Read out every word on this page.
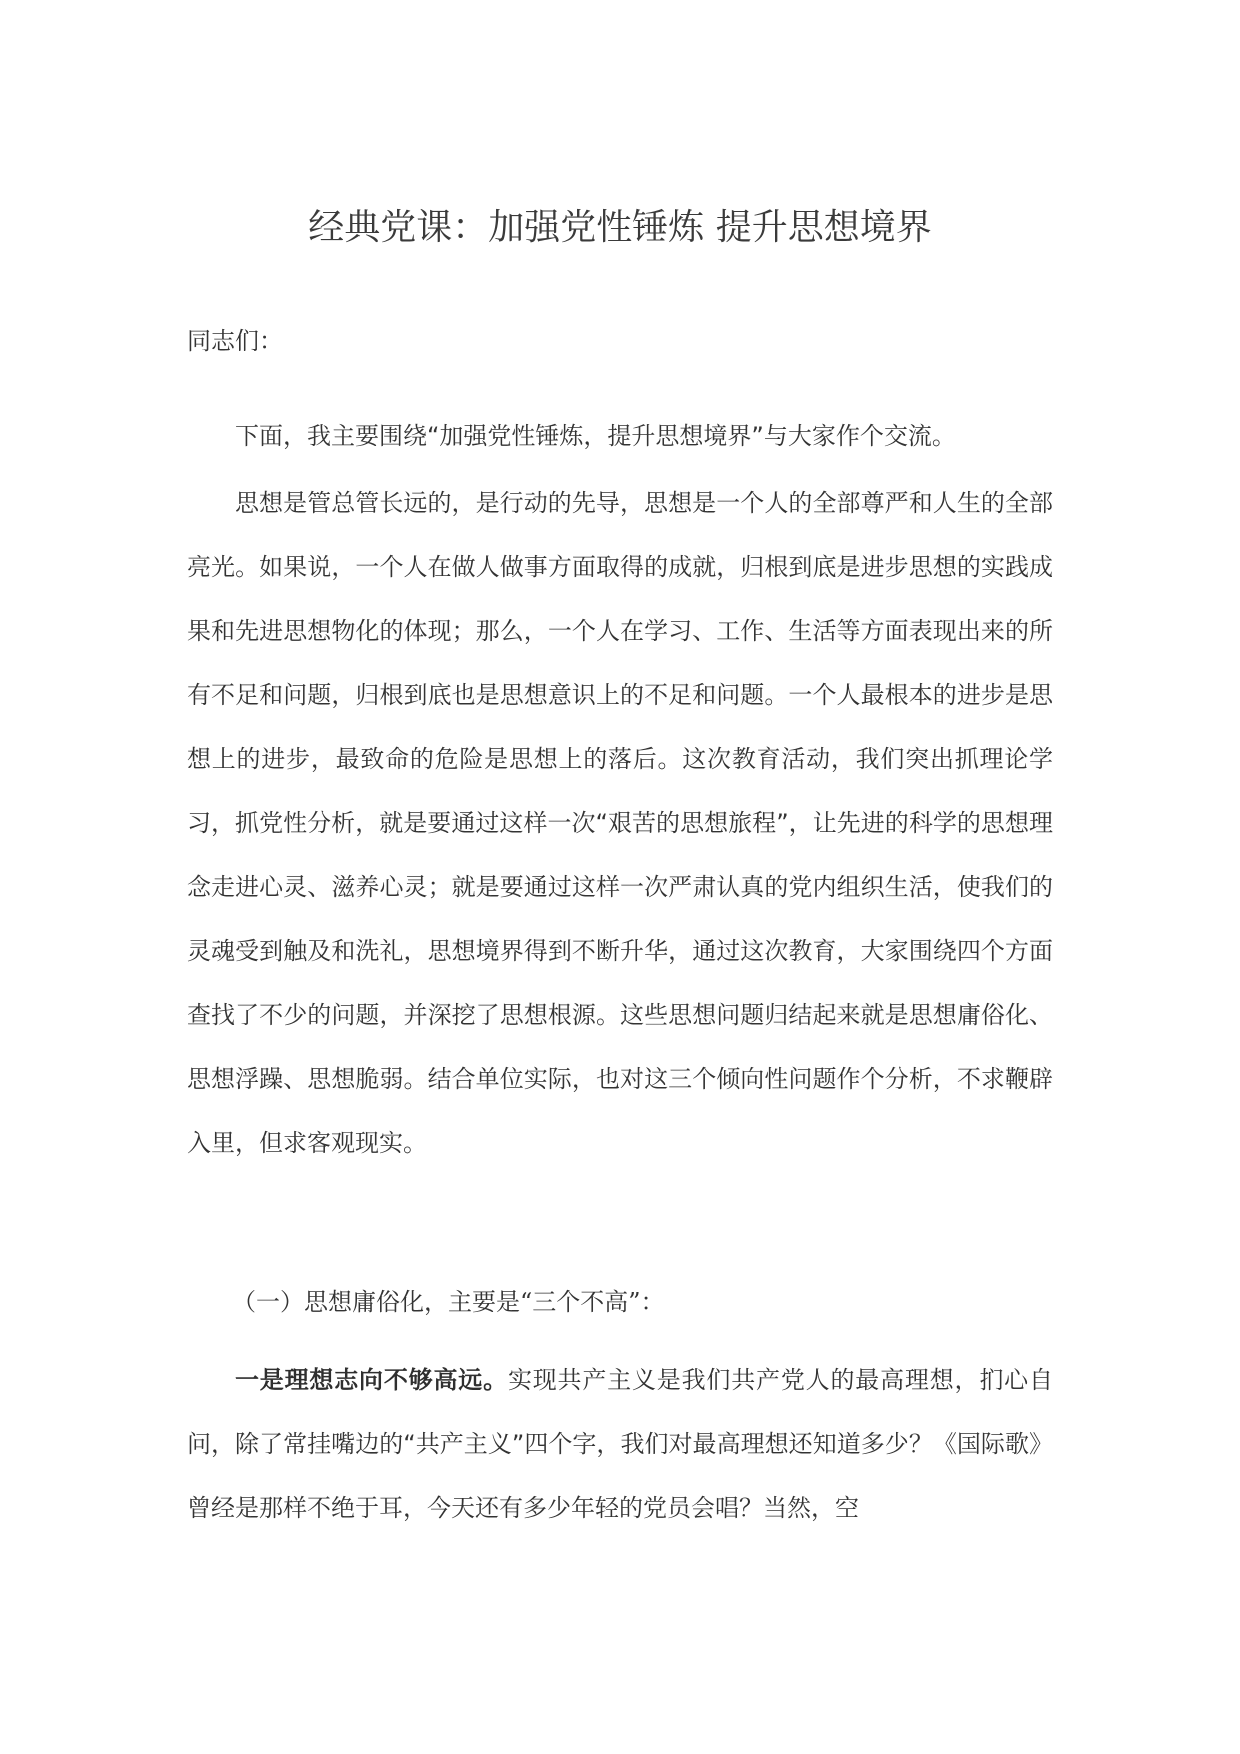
经典党课：加强党性锤炼 提升思想境界

同志们：

下面，我主要围绕“加强党性锤炼，提升思想境界”与大家作个交流。

思想是管总管长远的，是行动的先导，思想是一个人的全部尊严和人生的全部亮光。如果说，一个人在做人做事方面取得的成就，归根到底是进步思想的实践成果和先进思想物化的体现；那么，一个人在学习、工作、生活等方面表现出来的所有不足和问题，归根到底也是思想意识上的不足和问题。一个人最根本的进步是思想上的进步，最致命的危险是思想上的落后。这次教育活动，我们突出抓理论学习，抓党性分析，就是要通过这样一次“艰苦的思想旅程”，让先进的科学的思想理念走进心灵、滋养心灵；就是要通过这样一次严肃认真的党内组织生活，使我们的灵魂受到触及和洗礼，思想境界得到不断升华，通过这次教育，大家围绕四个方面查找了不少的问题，并深挖了思想根源。这些思想问题归结起来就是思想庸俗化、思想浮躁、思想脆弱。结合单位实际，也对这三个倾向性问题作个分析，不求鞭辟入里，但求客观现实。

（一）思想庸俗化，主要是“三个不高”：

一是理想志向不够高远。实现共产主义是我们共产党人的最高理想，扪心自问，除了常挂嘴边的“共产主义”四个字，我们对最高理想还知道多少？《国际歌》曾经是那样不绝于耳，今天还有多少年轻的党员会唱？当然，空
